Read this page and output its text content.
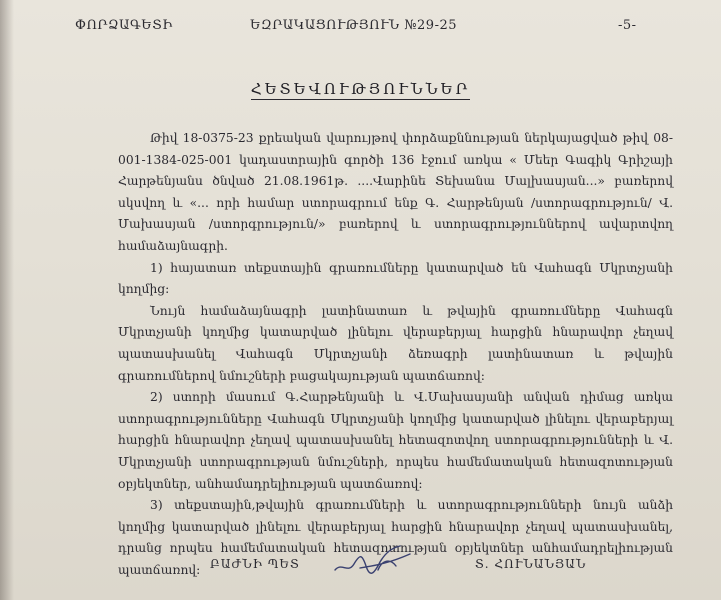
ՓՈՐՁԱԳԵՏԻ	ԵԶՐԱԿԱՑՈՒԹՅՈՒՆ №29-25	-5-
ՀԵՏԵՎՈՒԹՅՈՒՆՆԵՐ

Թիվ 18-0375-23 քրեական վարույթով փորձաքննության ներկայացված թիվ 08-001-1384-025-001 կադաստրային գործի 136 էջում առկա « Մեեր Գագիկ Գրիշայի Հարթենյանս ծնված 21.08.1961թ. ....Վարինե Տեխանա Մալխասյան...» բառերով սկսվող և «... որի համար ստորագրում ենք Գ. Հարթենյան /ստորագրություն/ Վ. Մախասյան /ստորգրություն/» բառերով և ստորագրություններով ավարտվող համաձայնագրի.

1) հայատառ տեքստային գրառումները կատարված են Վահագն Մկրտչյանի կողմից:

Նույն համաձայնագրի լատինատառ և թվային գրառումները Վահագն Մկրտչյանի կողմից կատարված լինելու վերաբերյալ հարցին հնարավոր չեղավ պատասխանել Վահագն Մկրտչյանի ձեռագրի լատինատառ և թվային գրառումներով նմուշների բացակայության պատճառով:

2) ստորի մասում Գ.Հարթենյանի և Վ.Մախասյանի անվան դիմաց առկա ստորագրությունները Վահագն Մկրտչյանի կողմից կատարված լինելու վերաբերյալ հարցին հնարավոր չեղավ պատասխանել հետազոտվող ստորագրությունների և Վ. Մկրտչյանի ստորագրության նմուշների, որպես համեմատական հետազոտության օբյեկտներ, անհամադրելիության պատճառով:

3) տեքստային,թվային գրառումների և ստորագրությունների նույն անձի կողմից կատարված լինելու վերաբերյալ հարցին հնարավոր չեղավ պատասխանել, դրանց որպես համեմատական հետազոտության օբյեկտներ անհամադրելիության պատճառով: ԲԱԺՆԻ ՊԵՏ	Տ. ՀՈՒՆԱՆՅԱՆ
